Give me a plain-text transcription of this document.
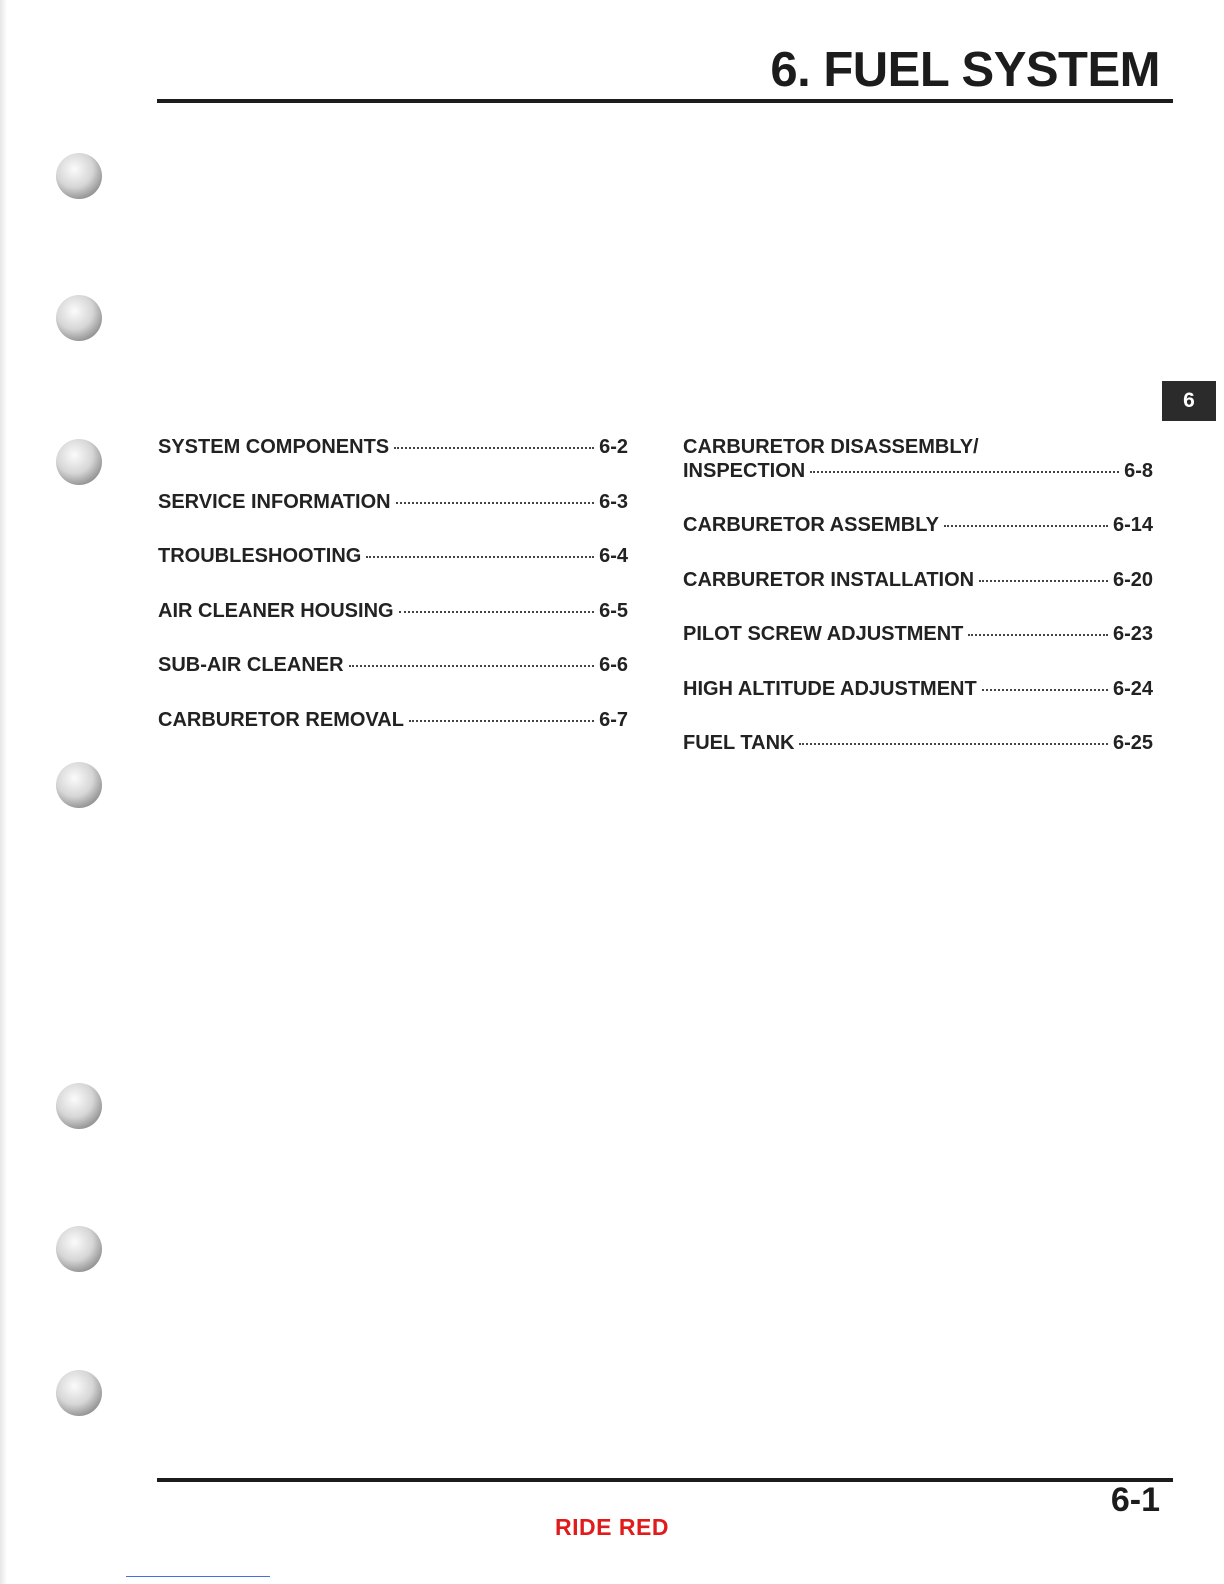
6. FUEL SYSTEM
6
SYSTEM COMPONENTS	6-2
SERVICE INFORMATION	6-3
TROUBLESHOOTING	6-4
AIR CLEANER HOUSING	6-5
SUB-AIR CLEANER	6-6
CARBURETOR REMOVAL	6-7
CARBURETOR DISASSEMBLY/
INSPECTION	6-8
CARBURETOR ASSEMBLY	6-14
CARBURETOR INSTALLATION	6-20
PILOT SCREW ADJUSTMENT	6-23
HIGH ALTITUDE ADJUSTMENT	6-24
FUEL TANK	6-25
6-1
RIDE RED
